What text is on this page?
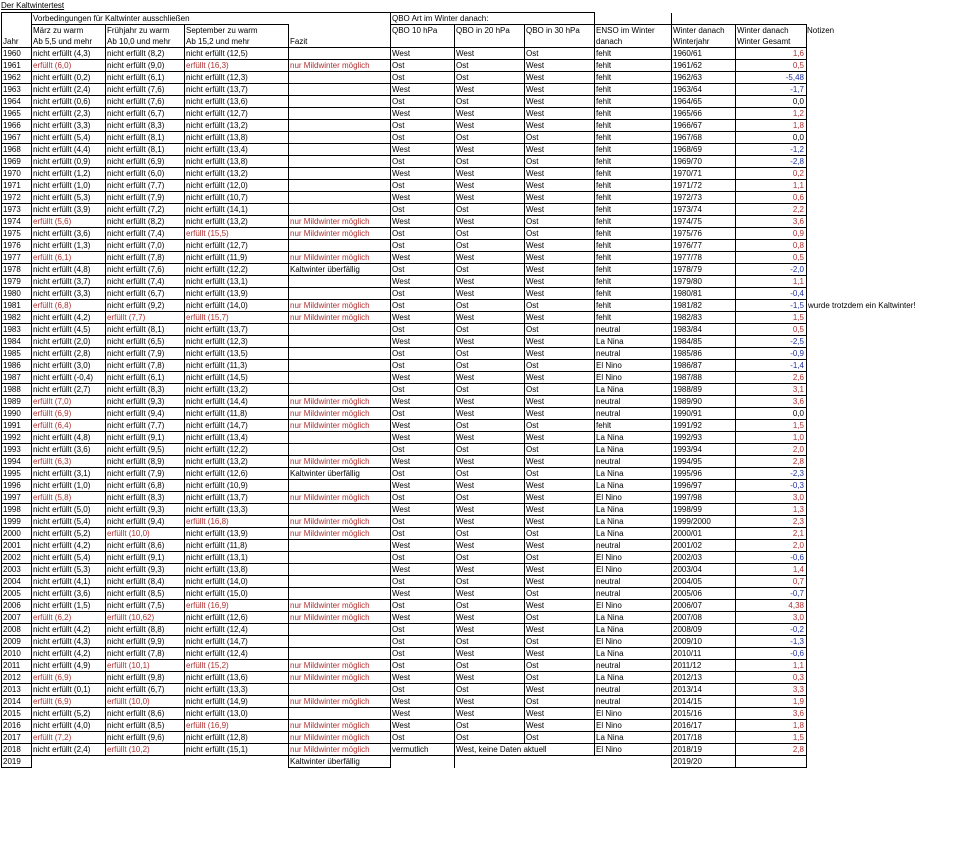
Der Kaltwintertest
	Vorbedingungen für Kaltwinter ausschließen				QBO Art im Winter danach:					
	März zu warm	Frühjahr zu warm	September zu warm		QBO 10 hPa	QBO in 20 hPa	QBO in 30 hPa	ENSO im Winter	Winter danach	Winter danach
Jahr	Ab 5,5 und mehr	Ab 10,0 und mehr	Ab 15,2 und mehr	Fazit				danach	Winterjahr	Winter Gesamt
1960	nicht erfüllt (4,3)	nicht erfüllt (8,2)	nicht erfüllt (12,5)		West	West	Ost	fehlt	1960/61	1,6
1961	erfüllt (6,0)	nicht erfüllt (9,0)	erfüllt (16,3)	nur Mildwinter möglich	Ost	Ost	West	fehlt	1961/62	0,5
1962	nicht erfüllt (0,2)	nicht erfüllt (6,1)	nicht erfüllt (12,3)		Ost	Ost	West	fehlt	1962/63	-5,48
1963	nicht erfüllt (2,4)	nicht erfüllt (7,6)	nicht erfüllt (13,7)		West	West	West	fehlt	1963/64	-1,7
1964	nicht erfüllt (0,6)	nicht erfüllt (7,6)	nicht erfüllt (13,6)		Ost	Ost	West	fehlt	1964/65	0,0
1965	nicht erfüllt (2,3)	nicht erfüllt (6,7)	nicht erfüllt (12,7)		West	West	West	fehlt	1965/66	1,2
1966	nicht erfüllt (3,3)	nicht erfüllt (8,3)	nicht erfüllt (13,2)		Ost	West	West	fehlt	1966/67	1,8
1967	nicht erfüllt (5,4)	nicht erfüllt (8,1)	nicht erfüllt (13,8)		Ost	Ost	Ost	fehlt	1967/68	0,0
1968	nicht erfüllt (4,4)	nicht erfüllt (8,1)	nicht erfüllt (13,4)		West	West	West	fehlt	1968/69	-1,2
1969	nicht erfüllt (0,9)	nicht erfüllt (6,9)	nicht erfüllt (13,8)		Ost	Ost	Ost	fehlt	1969/70	-2,8
1970	nicht erfüllt (1,2)	nicht erfüllt (6,0)	nicht erfüllt (13,2)		West	West	West	fehlt	1970/71	0,2
1971	nicht erfüllt (1,0)	nicht erfüllt (7,7)	nicht erfüllt (12,0)		Ost	West	West	fehlt	1971/72	1,1
1972	nicht erfüllt (5,3)	nicht erfüllt (7,9)	nicht erfüllt (10,7)		West	West	West	fehlt	1972/73	0,6
1973	nicht erfüllt (3,9)	nicht erfüllt (7,2)	nicht erfüllt (14,1)		Ost	Ost	West	fehlt	1973/74	2,2
1974	erfüllt (5,6)	nicht erfüllt (8,2)	nicht erfüllt (13,2)	nur Mildwinter möglich	West	West	Ost	fehlt	1974/75	3,6
1975	nicht erfüllt (3,6)	nicht erfüllt (7,4)	erfüllt (15,5)	nur Mildwinter möglich	Ost	Ost	Ost	fehlt	1975/76	0,9
1976	nicht erfüllt (1,3)	nicht erfüllt (7,0)	nicht erfüllt (12,7)		Ost	Ost	West	fehlt	1976/77	0,8
1977	erfüllt (6,1)	nicht erfüllt (7,8)	nicht erfüllt (11,9)	nur Mildwinter möglich	West	West	West	fehlt	1977/78	0,5
1978	nicht erfüllt (4,8)	nicht erfüllt (7,6)	nicht erfüllt (12,2)	Kaltwinter überfällig	Ost	Ost	West	fehlt	1978/79	-2,0
1979	nicht erfüllt (3,7)	nicht erfüllt (7,4)	nicht erfüllt (13,1)		West	West	West	fehlt	1979/80	1,1
1980	nicht erfüllt (3,3)	nicht erfüllt (6,7)	nicht erfüllt (13,9)		Ost	West	West	fehlt	1980/81	-0,4
1981	erfüllt (6,8)	nicht erfüllt (9,2)	nicht erfüllt (14,0)	nur Mildwinter möglich	Ost	Ost	Ost	fehlt	1981/82	-1,5
1982	nicht erfüllt (4,2)	erfüllt (7,7)	erfüllt (15,7)	nur Mildwinter möglich	West	West	West	fehlt	1982/83	1,5
1983	nicht erfüllt (4,5)	nicht erfüllt (8,1)	nicht erfüllt (13,7)		Ost	Ost	Ost	neutral	1983/84	0,5
1984	nicht erfüllt (2,0)	nicht erfüllt (6,5)	nicht erfüllt (12,3)		West	West	West	La Nina	1984/85	-2,5
1985	nicht erfüllt (2,8)	nicht erfüllt (7,9)	nicht erfüllt (13,5)		Ost	Ost	West	neutral	1985/86	-0,9
1986	nicht erfüllt (3,0)	nicht erfüllt (7,8)	nicht erfüllt (11,3)		Ost	Ost	Ost	El Nino	1986/87	-1,4
1987	nicht erfüllt (-0,4)	nicht erfüllt (6,1)	nicht erfüllt (14,5)		West	West	West	El Nino	1987/88	2,6
1988	nicht erfüllt (2,7)	nicht erfüllt (8,3)	nicht erfüllt (13,2)		Ost	Ost	Ost	La Nina	1988/89	3,1
1989	erfüllt (7,0)	nicht erfüllt (9,3)	nicht erfüllt (14,4)	nur Mildwinter möglich	West	West	West	neutral	1989/90	3,6
1990	erfüllt (6,9)	nicht erfüllt (9,4)	nicht erfüllt (11,8)	nur Mildwinter möglich	Ost	West	West	neutral	1990/91	0,0
1991	erfüllt (6,4)	nicht erfüllt (7,7)	nicht erfüllt (14,7)	nur Mildwinter möglich	West	Ost	Ost	fehlt	1991/92	1,5
1992	nicht erfüllt (4,8)	nicht erfüllt (9,1)	nicht erfüllt (13,4)		West	West	West	La Nina	1992/93	1,0
1993	nicht erfüllt (3,6)	nicht erfüllt (9,5)	nicht erfüllt (12,2)		Ost	Ost	Ost	La Nina	1993/94	2,0
1994	erfüllt (6,3)	nicht erfüllt (8,9)	nicht erfüllt (13,2)	nur Mildwinter möglich	West	West	West	neutral	1994/95	2,8
1995	nicht erfüllt (3,1)	nicht erfüllt (7,9)	nicht erfüllt (12,6)	Kaltwinter überfällig	Ost	Ost	Ost	La Nina	1995/96	-2,3
1996	nicht erfüllt (1,0)	nicht erfüllt (6,8)	nicht erfüllt (10,9)		West	West	West	La Nina	1996/97	-0,3
1997	erfüllt (5,8)	nicht erfüllt (8,3)	nicht erfüllt (13,7)	nur Mildwinter möglich	Ost	Ost	West	El Nino	1997/98	3,0
1998	nicht erfüllt (5,0)	nicht erfüllt (9,3)	nicht erfüllt (13,3)		West	West	West	La Nina	1998/99	1,3
1999	nicht erfüllt (5,4)	nicht erfüllt (9,4)	erfüllt (16,8)	nur Mildwinter möglich	Ost	West	West	La Nina	1999/2000	2,3
2000	nicht erfüllt (5,2)	erfüllt (10,0)	nicht erfüllt (13,9)	nur Mildwinter möglich	Ost	Ost	Ost	La Nina	2000/01	2,1
2001	nicht erfüllt (4,2)	nicht erfüllt (8,6)	nicht erfüllt (11,8)		West	West	West	neutral	2001/02	2,0
2002	nicht erfüllt (5,4)	nicht erfüllt (9,1)	nicht erfüllt (13,1)		Ost	Ost	Ost	El Nino	2002/03	-0,6
2003	nicht erfüllt (5,3)	nicht erfüllt (9,3)	nicht erfüllt (13,8)		West	West	West	El Nino	2003/04	1,4
2004	nicht erfüllt (4,1)	nicht erfüllt (8,4)	nicht erfüllt (14,0)		Ost	Ost	West	neutral	2004/05	0,7
2005	nicht erfüllt (3,6)	nicht erfüllt (8,5)	nicht erfüllt (15,0)		West	West	Ost	neutral	2005/06	-0,7
2006	nicht erfüllt (1,5)	nicht erfüllt (7,5)	erfüllt (16,9)	nur Mildwinter möglich	Ost	Ost	West	El Nino	2006/07	4,38
2007	erfüllt (6,2)	erfüllt (10,62)	nicht erfüllt (12,6)	nur Mildwinter möglich	West	West	Ost	La Nina	2007/08	3,0
2008	nicht erfüllt (4,2)	nicht erfüllt (8,8)	nicht erfüllt (12,4)		Ost	West	West	La Nina	2008/09	-0,2
2009	nicht erfüllt (4,3)	nicht erfüllt (9,9)	nicht erfüllt (14,7)		Ost	Ost	Ost	El Nino	2009/10	-1,3
2010	nicht erfüllt (4,2)	nicht erfüllt (7,8)	nicht erfüllt (12,4)		Ost	West	West	La Nina	2010/11	-0,6
2011	nicht erfüllt (4,9)	erfüllt (10,1)	erfüllt (15,2)	nur Mildwinter möglich	Ost	Ost	Ost	neutral	2011/12	1,1
2012	erfüllt (6,9)	nicht erfüllt (9,8)	nicht erfüllt (13,6)	nur Mildwinter möglich	West	West	Ost	La Nina	2012/13	0,3
2013	nicht erfüllt (0,1)	nicht erfüllt (6,7)	nicht erfüllt (13,3)		Ost	Ost	West	neutral	2013/14	3,3
2014	erfüllt (6,9)	erfüllt (10,0)	nicht erfüllt (14,9)	nur Mildwinter möglich	West	West	Ost	neutral	2014/15	1,9
2015	nicht erfüllt (5,2)	nicht erfüllt (8,6)	nicht erfüllt (13,0)		West	West	West	El Nino	2015/16	3,6
2016	nicht erfüllt (4,0)	nicht erfüllt (8,5)	erfüllt (16,9)	nur Mildwinter möglich	West	Ost	West	El Nino	2016/17	1,8
2017	erfüllt (7,2)	nicht erfüllt (9,6)	nicht erfüllt (12,8)	nur Mildwinter möglich	Ost	Ost	Ost	La Nina	2017/18	1,5
2018	nicht erfüllt (2,4)	erfüllt (10,2)	nicht erfüllt (15,1)	nur Mildwinter möglich	vermutlich	West, keine Daten aktuell		El Nino	2018/19	2,8
2019				Kaltwinter überfällig					2019/20	
Notizen
wurde trotzdem ein Kaltwinter!
